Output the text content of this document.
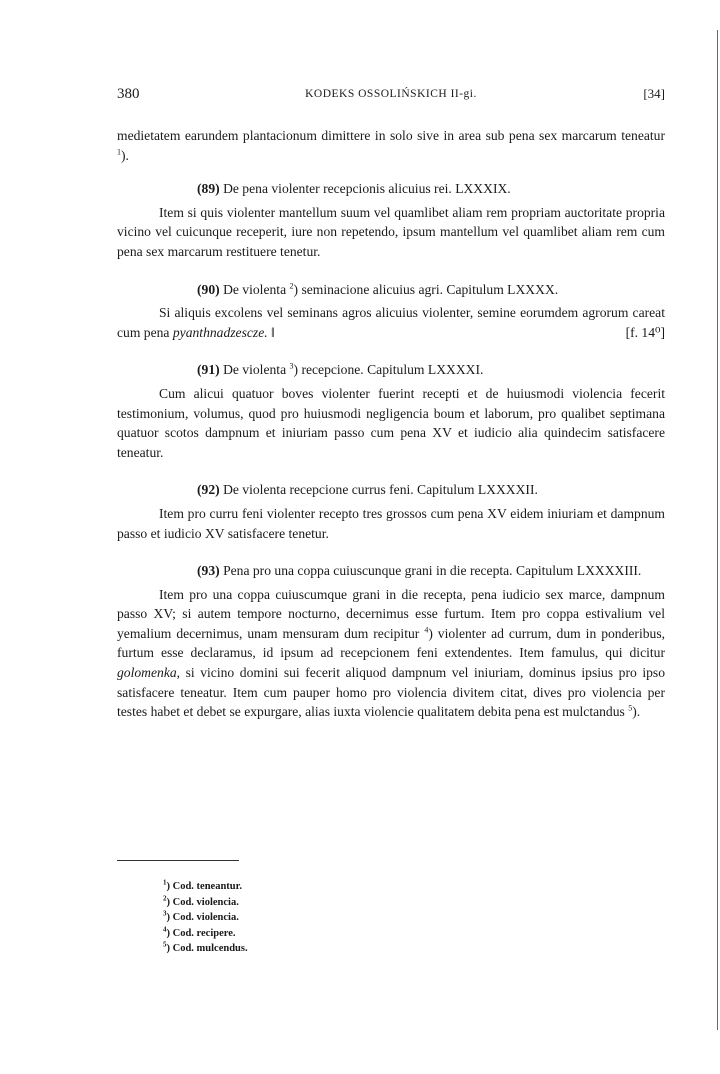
380	KODEKS OSSOLIŃSKICH II-gi.	[34]

medietatem earundem plantacionum dimittere in solo sive in area sub pena sex marcarum teneatur $^1$).

(89) De pena violenter recepcionis alicuius rei. LXXXIX.

Item si quis violenter mantellum suum vel quamlibet aliam rem propriam auctoritate propria vicino vel cuicunque receperit, iure non repetendo, ipsum mantellum vel quamlibet aliam rem cum pena sex marcarum restituere tenetur.

(90) De violenta $^2$) seminacione alicuius agri. Capitulum LXXXX.

Si aliquis excolens vel seminans agros alicuius violenter, semine eorumdem agrorum careat cum pena pyanthnadzescze. ‖	[f. 14⁰]

(91) De violenta $^3$) recepcione. Capitulum LXXXXI.

Cum alicui quatuor boves violenter fuerint recepti et de huiusmodi violencia fecerit testimonium, volumus, quod pro huiusmodi negligencia boum et laborum, pro qualibet septimana quatuor scotos dampnum et iniuriam passo cum pena XV et iudicio alia quindecim satisfacere teneatur.

(92) De violenta recepcione currus feni. Capitulum LXXXXII.

Item pro curru feni violenter recepto tres grossos cum pena XV eidem iniuriam et dampnum passo et iudicio XV satisfacere tenetur.

(93) Pena pro una coppa cuiuscunque grani in die recepta. Capitulum LXXXXIII.

Item pro una coppa cuiuscumque grani in die recepta, pena iudicio sex marce, dampnum passo XV; si autem tempore nocturno, decernimus esse furtum. Item pro coppa estivalium vel yemalium decernimus, unam mensuram dum recipitur $^4$) violenter ad currum, dum in ponderibus, furtum esse declaramus, id ipsum ad recepcionem feni extendentes. Item famulus, qui dicitur golomenka, si vicino domini sui fecerit aliquod dampnum vel iniuriam, dominus ipsius pro ipso satisfacere teneatur. Item cum pauper homo pro violencia divitem citat, dives pro violencia per testes habet et debet se expurgare, alias iuxta violencie qualitatem debita pena est mulctandus $^5$).

$^1$) Cod. teneantur.
$^2$) Cod. violencia.
$^3$) Cod. violencia.
$^4$) Cod. recipere.
$^5$) Cod. mulcendus.
